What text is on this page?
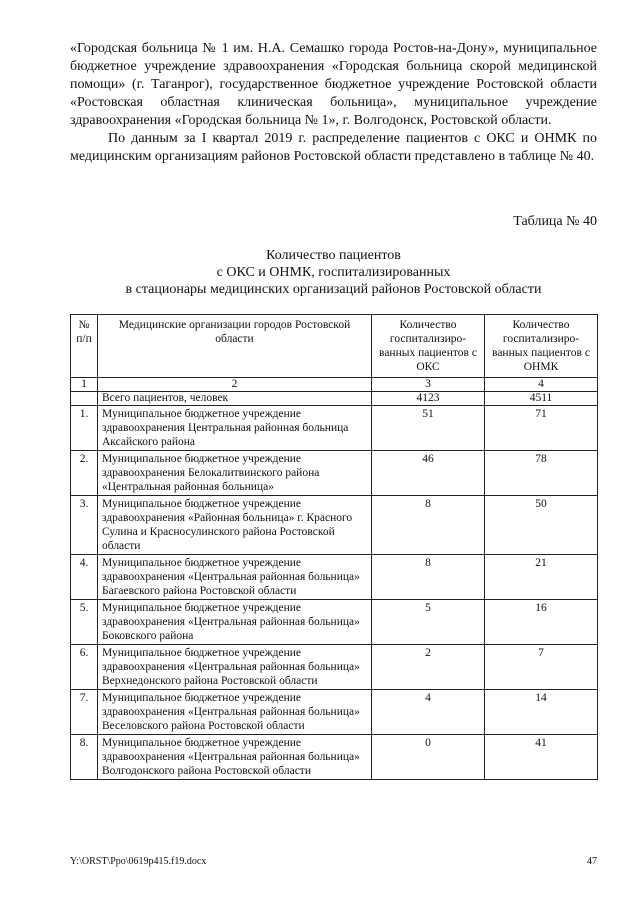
«Городская больница № 1 им. Н.А. Семашко города Ростов-на-Дону», муниципальное бюджетное учреждение здравоохранения «Городская больница скорой медицинской помощи» (г. Таганрог), государственное бюджетное учреждение Ростовской области «Ростовская областная клиническая больница», муниципальное учреждение здравоохранения «Городская больница № 1», г. Волгодонск, Ростовской области.

По данным за I квартал 2019 г. распределение пациентов с ОКС и ОНМК по медицинским организациям районов Ростовской области представлено в таблице № 40.

Таблица № 40
Количество пациентов
с ОКС и ОНМК, госпитализированных
в стационары медицинских организаций районов Ростовской области
№ п/п	Медицинские организации городов Ростовской области	Количество госпитализиро-ванных пациентов с ОКС	Количество госпитализиро-ванных пациентов с ОНМК
1	2	3	4
	Всего пациентов, человек	4123	4511
1.	Муниципальное бюджетное учреждение здравоохранения Центральная районная больница Аксайского района	51	71
2.	Муниципальное бюджетное учреждение здравоохранения Белокалитвинского района «Центральная районная больница»	46	78
3.	Муниципальное бюджетное учреждение здравоохранения «Районная больница» г. Красного Сулина и Красносулинского района Ростовской области	8	50
4.	Муниципальное бюджетное учреждение здравоохранения «Центральная районная больница» Багаевского района Ростовской области	8	21
5.	Муниципальное бюджетное учреждение здравоохранения «Центральная районная больница» Боковского района	5	16
6.	Муниципальное бюджетное учреждение здравоохранения «Центральная районная больница» Верхнедонского района Ростовской области	2	7
7.	Муниципальное бюджетное учреждение здравоохранения «Центральная районная больница» Веселовского района Ростовской области	4	14
8.	Муниципальное бюджетное учреждение здравоохранения «Центральная районная больница» Волгодонского района Ростовской области	0	41
Y:\ORST\Ppo\0619p415.f19.docx	47
